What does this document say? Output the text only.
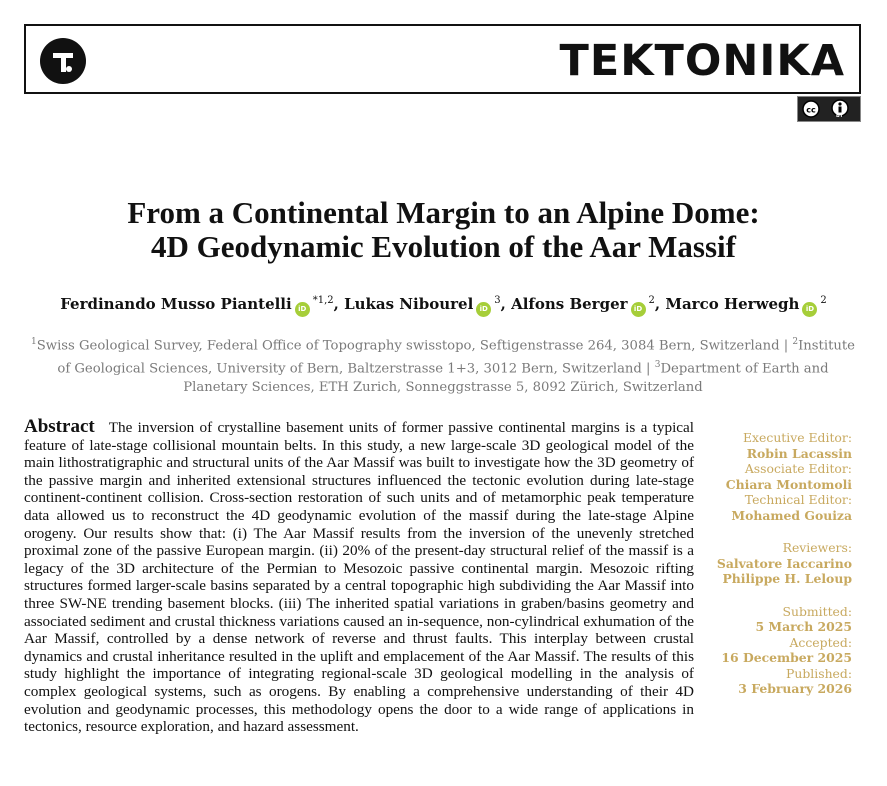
TEKTONIKA
cc
BY
From a Continental Margin to an Alpine Dome:
4D Geodynamic Evolution of the Aar Massif
Ferdinando Musso Piantelli iD$^{*1,2}$, Lukas Nibourel $iD^3$, Alfons Berger $iD^2$, Marco Herwegh $iD^2$
$^1$Swiss Geological Survey, Federal Office of Topography swisstopo, Seftigenstrasse 264, 3084 Bern, Switzerland | $^2$Institute of Geological Sciences, University of Bern, Baltzerstrasse 1+3, 3012 Bern, Switzerland | $^3$Department of Earth and Planetary Sciences, ETH Zurich, Sonneggstrasse 5, 8092 Zürich, Switzerland
Abstract The inversion of crystalline basement units of former passive continental margins is a typical feature of late-stage collisional mountain belts. In this study, a new large-scale 3D geological model of the main lithostratigraphic and structural units of the Aar Massif was built to investigate how the 3D geometry of the passive margin and inherited extensional structures influenced the tectonic evolution during late-stage continent-continent collision. Cross-section restoration of such units and of metamorphic peak temperature data allowed us to reconstruct the 4D geodynamic evolution of the massif during the late-stage Alpine orogeny. Our results show that: (i) The Aar Massif results from the inversion of the unevenly stretched proximal zone of the passive European margin. (ii) 20% of the present-day structural relief of the massif is a legacy of the 3D architecture of the Permian to Mesozoic passive continental margin. Mesozoic rifting structures formed larger-scale basins separated by a central topographic high subdividing the Aar Massif into three SW-NE trending basement blocks. (iii) The inherited spatial variations in graben/basins geometry and associated sediment and crustal thickness variations caused an in-sequence, non-cylindrical exhumation of the Aar Massif, controlled by a dense network of reverse and thrust faults. This interplay between crustal dynamics and crustal inheritance resulted in the uplift and emplacement of the Aar Massif. The results of this study highlight the importance of integrating regional-scale 3D geological modelling in the analysis of complex geological systems, such as orogens. By enabling a comprehensive understanding of their 4D evolution and geodynamic processes, this methodology opens the door to a wide range of applications in tectonics, resource exploration, and hazard assessment.
Executive Editor:
Robin Lacassin
Associate Editor:
Chiara Montomoli
Technical Editor:
Mohamed Gouiza
Reviewers:
Salvatore Iaccarino
Philippe H. Leloup
Submitted:
5 March 2025
Accepted:
16 December 2025
Published:
3 February 2026
